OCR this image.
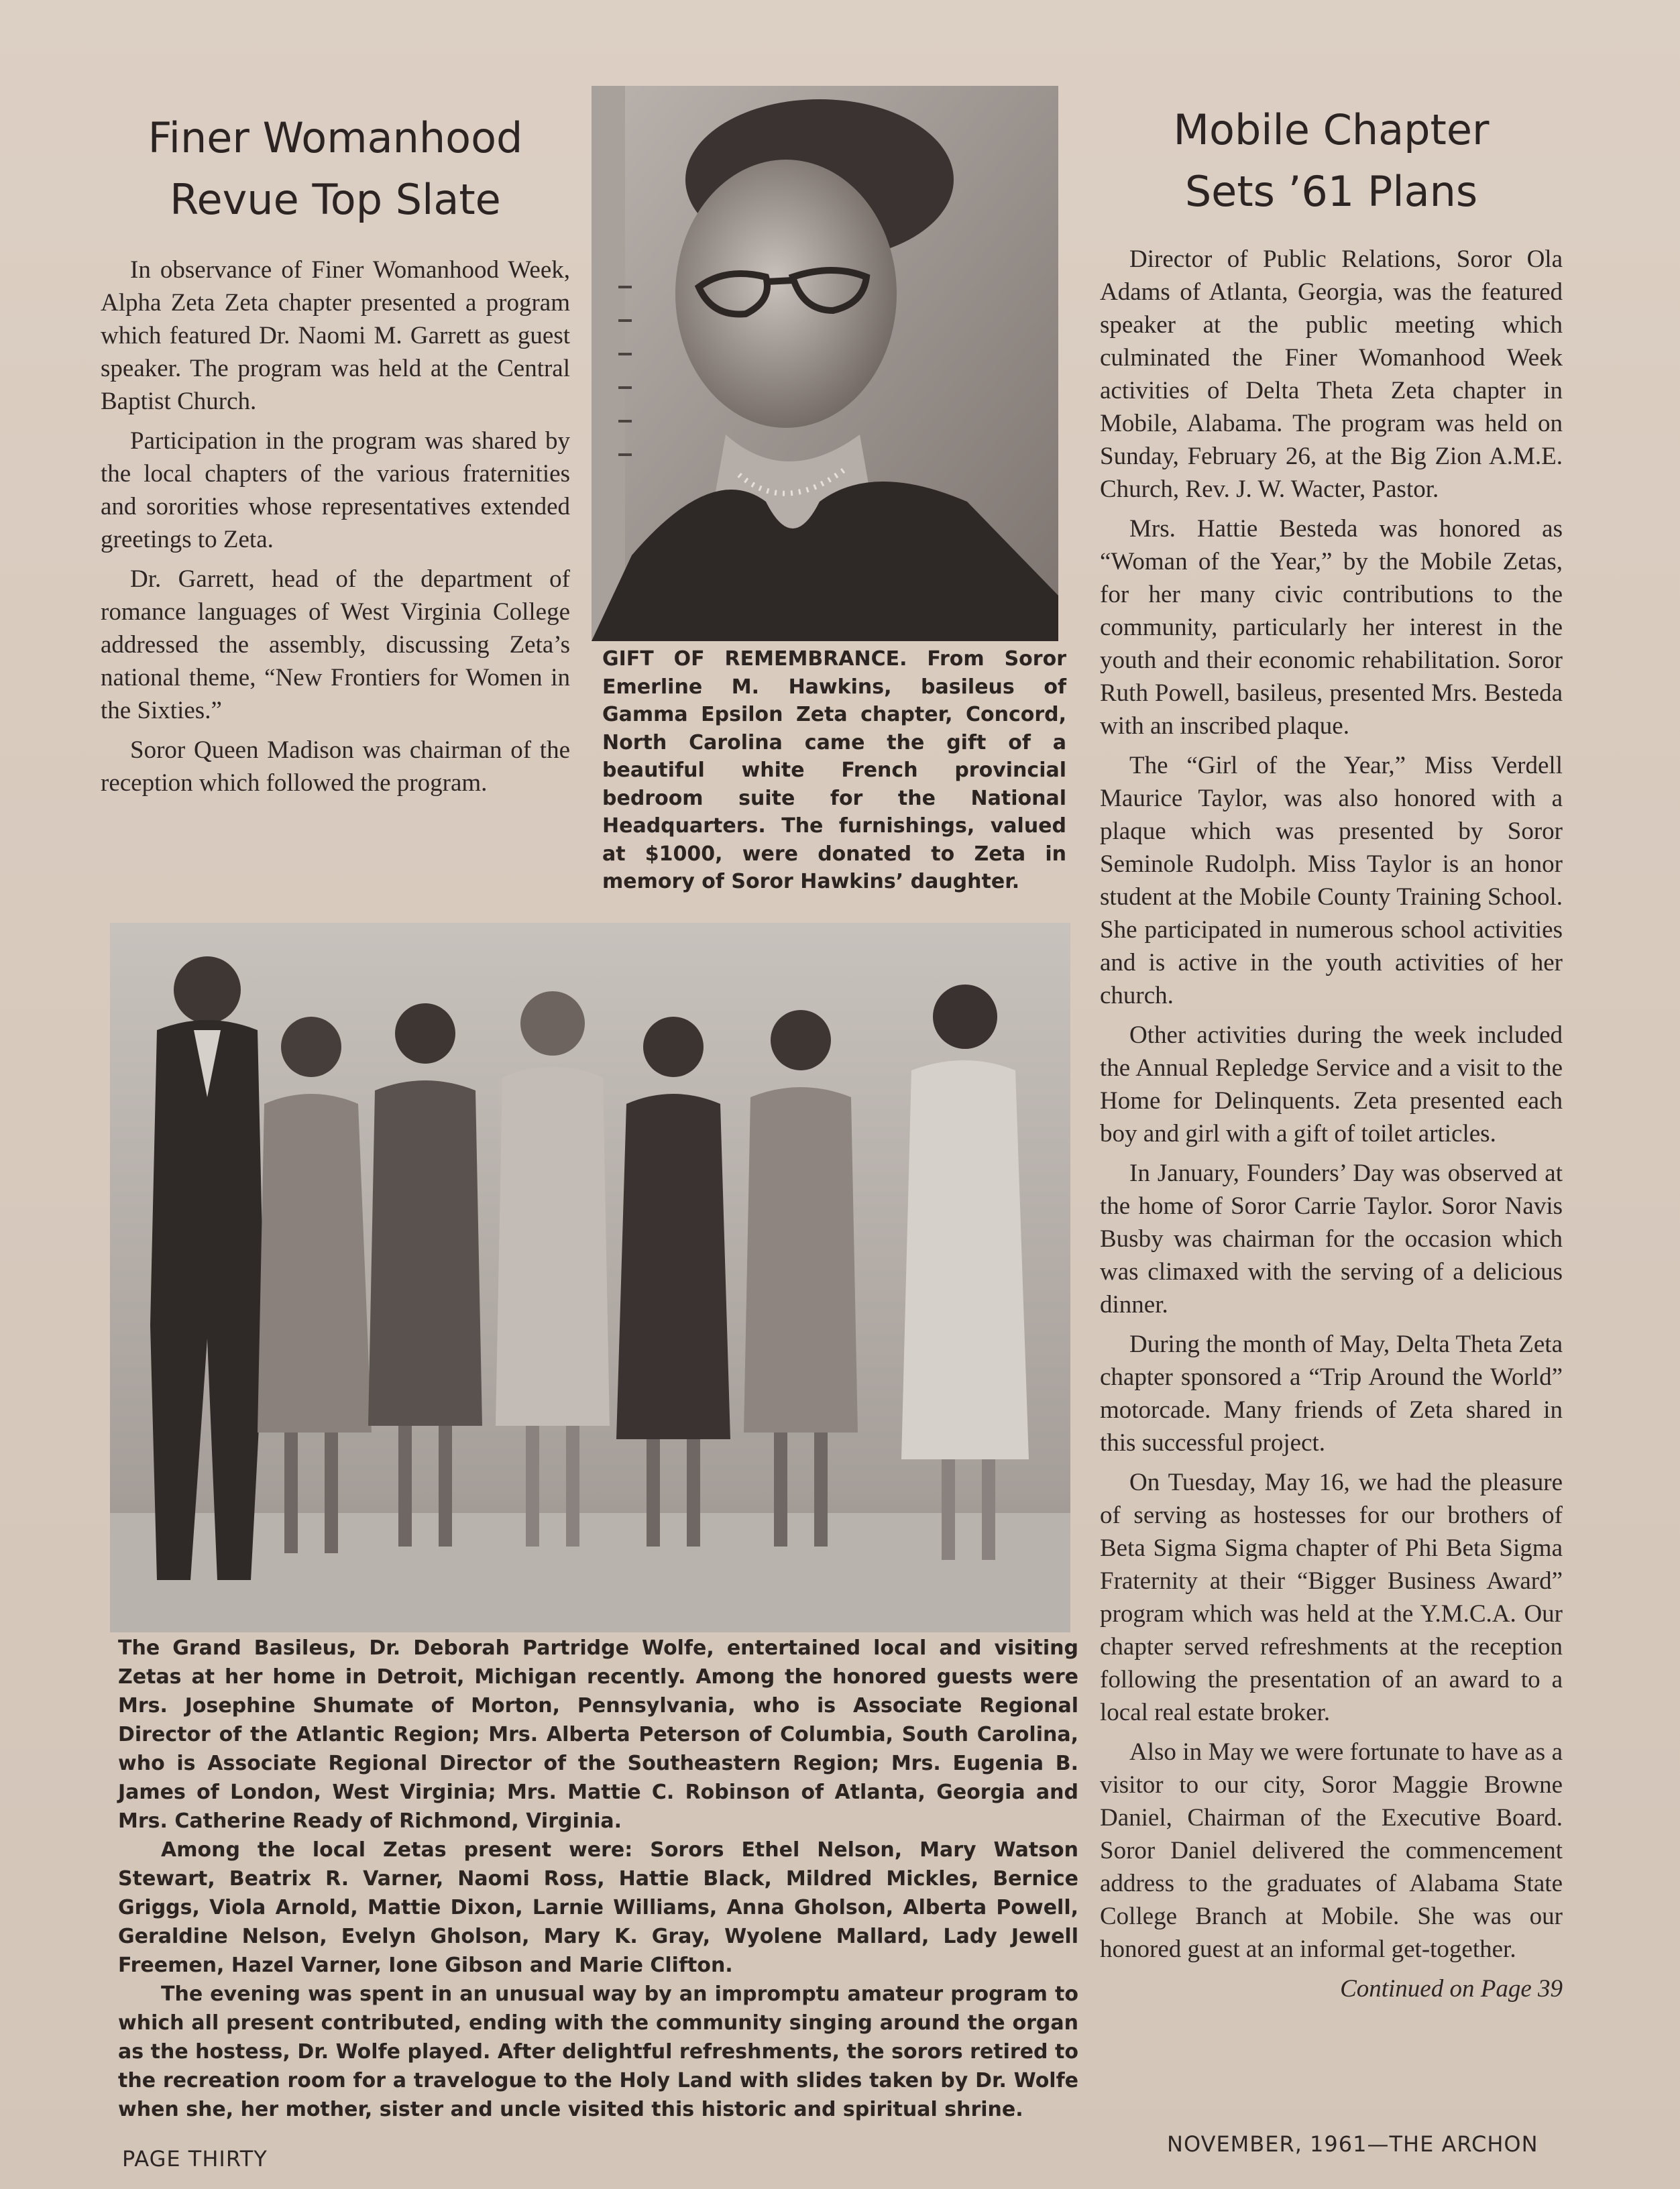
Finer Womanhood
Revue Top Slate

In observance of Finer Womanhood Week, Alpha Zeta Zeta chapter presented a program which featured Dr. Naomi M. Garrett as guest speaker. The program was held at the Central Baptist Church.

Participation in the program was shared by the local chapters of the various fraternities and sororities whose representatives extended greetings to Zeta.

Dr. Garrett, head of the department of romance languages of West Virginia College addressed the assembly, discussing Zeta’s national theme, “New Frontiers for Women in the Sixties.”

Soror Queen Madison was chairman of the reception which followed the program.

GIFT OF REMEMBRANCE. From Soror Emerline M. Hawkins, basileus of Gamma Epsilon Zeta chapter, Concord, North Carolina came the gift of a beautiful white French provincial bedroom suite for the National Headquarters. The furnishings, valued at $1000, were donated to Zeta in memory of Soror Hawkins’ daughter.

Mobile Chapter
Sets ’61 Plans

Director of Public Relations, Soror Ola Adams of Atlanta, Georgia, was the featured speaker at the public meeting which culminated the Finer Womanhood Week activities of Delta Theta Zeta chapter in Mobile, Alabama. The program was held on Sunday, February 26, at the Big Zion A.M.E. Church, Rev. J. W. Wacter, Pastor.

Mrs. Hattie Besteda was honored as “Woman of the Year,” by the Mobile Zetas, for her many civic contributions to the community, particularly her interest in the youth and their economic rehabilitation. Soror Ruth Powell, basileus, presented Mrs. Besteda with an inscribed plaque.

The “Girl of the Year,” Miss Verdell Maurice Taylor, was also honored with a plaque which was presented by Soror Seminole Rudolph. Miss Taylor is an honor student at the Mobile County Training School. She participated in numerous school activities and is active in the youth activities of her church.

Other activities during the week included the Annual Repledge Service and a visit to the Home for Delinquents. Zeta presented each boy and girl with a gift of toilet articles.

In January, Founders’ Day was observed at the home of Soror Carrie Taylor. Soror Navis Busby was chairman for the occasion which was climaxed with the serving of a delicious dinner.

During the month of May, Delta Theta Zeta chapter sponsored a “Trip Around the World” motorcade. Many friends of Zeta shared in this successful project.

On Tuesday, May 16, we had the pleasure of serving as hostesses for our brothers of Beta Sigma Sigma chapter of Phi Beta Sigma Fraternity at their “Bigger Business Award” program which was held at the Y.M.C.A. Our chapter served refreshments at the reception following the presentation of an award to a local real estate broker.

Also in May we were fortunate to have as a visitor to our city, Soror Maggie Browne Daniel, Chairman of the Executive Board. Soror Daniel delivered the commencement address to the graduates of Alabama State College Branch at Mobile. She was our honored guest at an informal get-together.

Continued on Page 39

The Grand Basileus, Dr. Deborah Partridge Wolfe, entertained local and visiting Zetas at her home in Detroit, Michigan recently. Among the honored guests were Mrs. Josephine Shumate of Morton, Pennsylvania, who is Associate Regional Director of the Atlantic Region; Mrs. Alberta Peterson of Columbia, South Carolina, who is Associate Regional Director of the Southeastern Region; Mrs. Eugenia B. James of London, West Virginia; Mrs. Mattie C. Robinson of Atlanta, Georgia and Mrs. Catherine Ready of Richmond, Virginia.

Among the local Zetas present were: Sorors Ethel Nelson, Mary Watson Stewart, Beatrix R. Varner, Naomi Ross, Hattie Black, Mildred Mickles, Bernice Griggs, Viola Arnold, Mattie Dixon, Larnie Williams, Anna Gholson, Alberta Powell, Geraldine Nelson, Evelyn Gholson, Mary K. Gray, Wyolene Mallard, Lady Jewell Freemen, Hazel Varner, Ione Gibson and Marie Clifton.

The evening was spent in an unusual way by an impromptu amateur program to which all present contributed, ending with the community singing around the organ as the hostess, Dr. Wolfe played. After delightful refreshments, the sorors retired to the recreation room for a travelogue to the Holy Land with slides taken by Dr. Wolfe when she, her mother, sister and uncle visited this historic and spiritual shrine.

PAGE THIRTY
NOVEMBER, 1961—THE ARCHON
